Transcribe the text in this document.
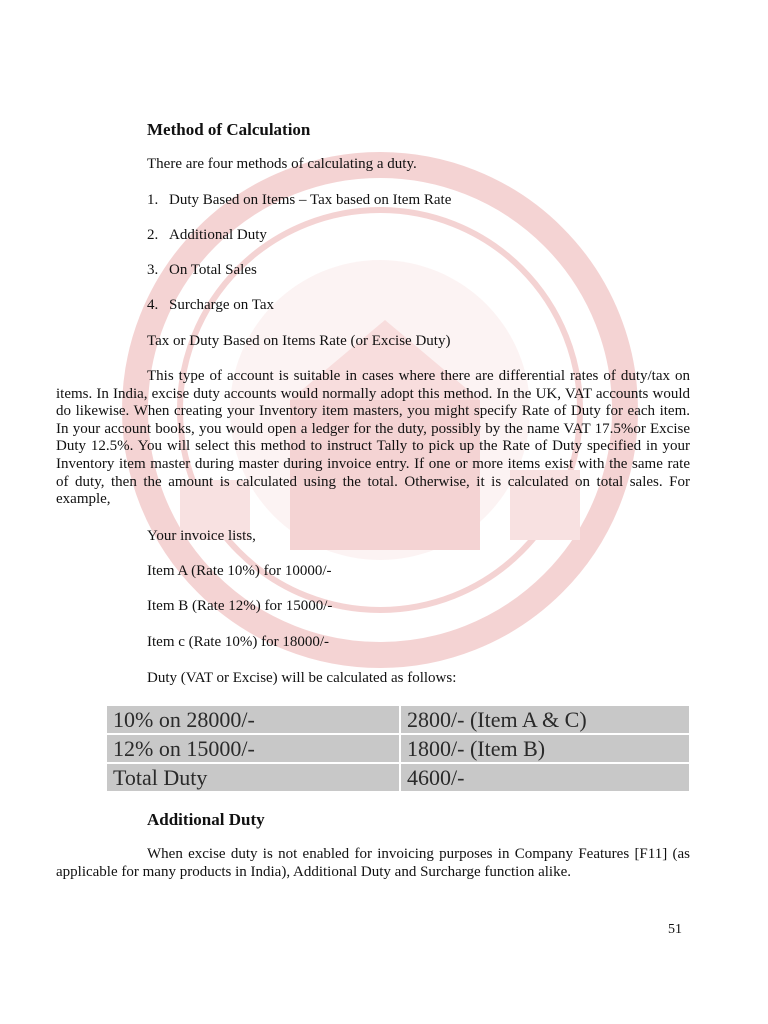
Method of Calculation
There are four methods of calculating a duty.
1. Duty Based on Items – Tax based on Item Rate
2. Additional Duty
3. On Total Sales
4. Surcharge on Tax
Tax or Duty Based on Items Rate (or Excise Duty)
This type of account is suitable in cases where there are differential rates of duty/tax on items. In India, excise duty accounts would normally adopt this method. In the UK, VAT accounts would do likewise. When creating your Inventory item masters, you might specify Rate of Duty for each item. In your account books, you would open a ledger for the duty, possibly by the name VAT 17.5%or Excise Duty 12.5%. You will select this method to instruct Tally to pick up the Rate of Duty specified in your Inventory item master during master during invoice entry. If one or more items exist with the same rate of duty, then the amount is calculated using the total. Otherwise, it is calculated on total sales. For example,
Your invoice lists,
Item A (Rate 10%) for 10000/-
Item B (Rate 12%) for 15000/-
Item c (Rate 10%) for 18000/-
Duty (VAT or Excise) will be calculated as follows:
10% on 28000/-	2800/- (Item A & C)
12% on 15000/-	1800/- (Item B)
Total Duty	4600/-
Additional Duty
When excise duty is not enabled for invoicing purposes in Company Features [F11] (as applicable for many products in India), Additional Duty and Surcharge function alike.
51
